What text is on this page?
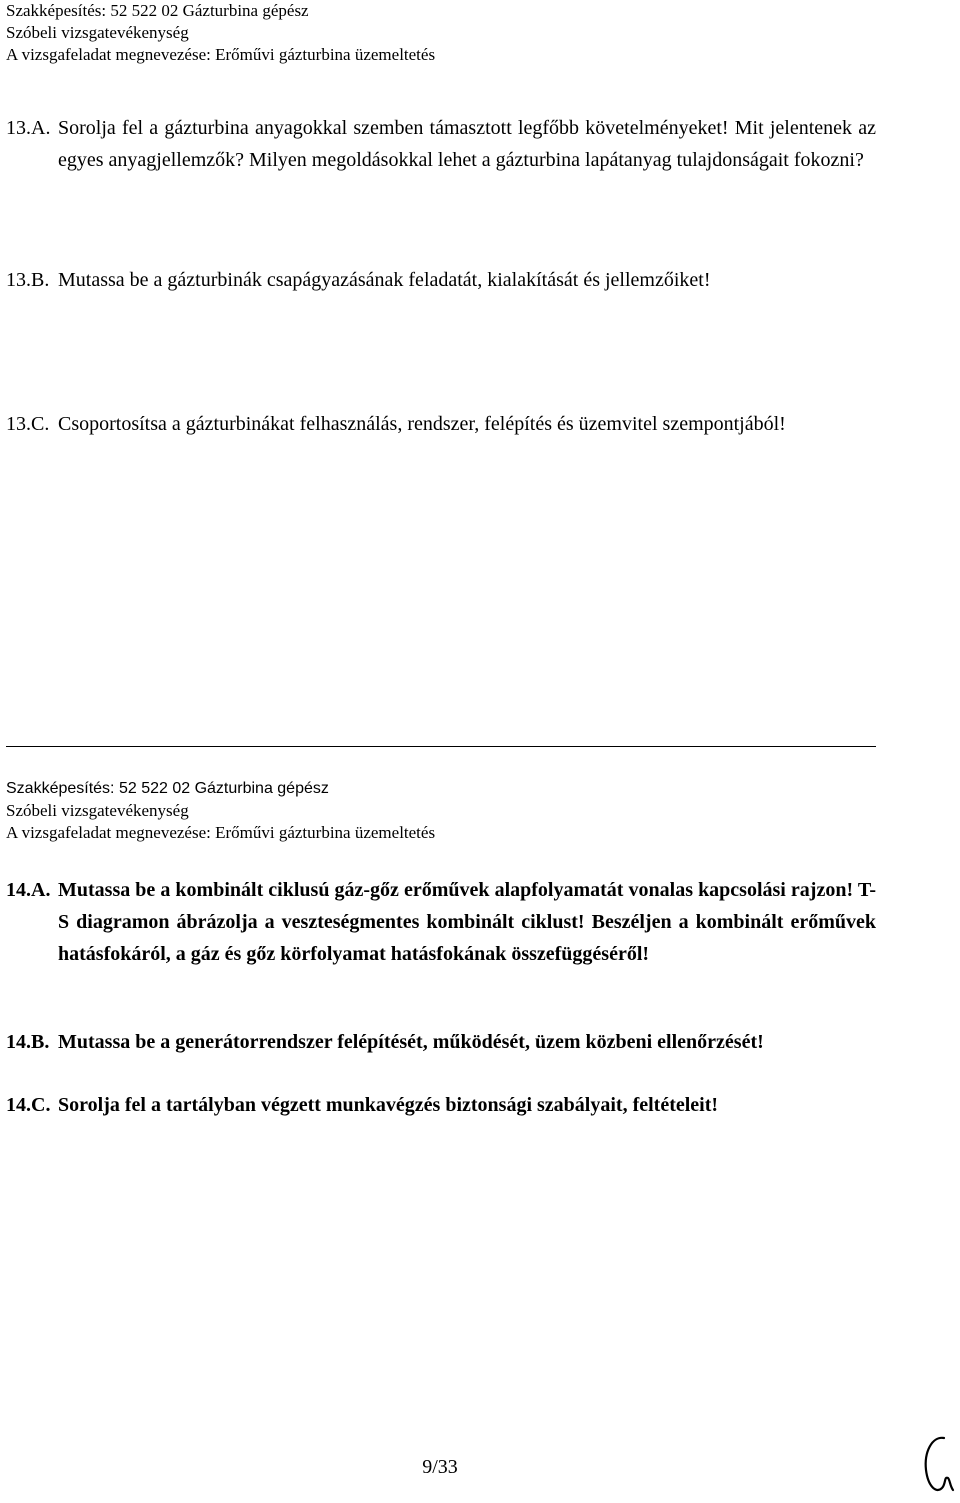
Szakképesítés: 52 522 02 Gázturbina gépész
Szóbeli vizsgatevékenység
A vizsgafeladat megnevezése: Erőművi gázturbina üzemeltetés
13.A. Sorolja fel a gázturbina anyagokkal szemben támasztott legfőbb követelményeket! Mit jelentenek az egyes anyagjellemzők? Milyen megoldásokkal lehet a gázturbina lapátanyag tulajdonságait fokozni?
13.B. Mutassa be a gázturbinák csapágyazásának feladatát, kialakítását és jellemzőiket!
13.C. Csoportosítsa a gázturbinákat felhasználás, rendszer, felépítés és üzemvitel szempontjából!
Szakképesítés: 52 522 02 Gázturbina gépész
Szóbeli vizsgatevékenység
A vizsgafeladat megnevezése: Erőművi gázturbina üzemeltetés
14.A. Mutassa be a kombinált ciklusú gáz-gőz erőművek alapfolyamatát vonalas kapcsolási rajzon! T-S diagramon ábrázolja a veszteségmentes kombinált ciklust! Beszéljen a kombinált erőművek hatásfokáról, a gáz és gőz körfolyamat hatásfokának összefüggéséről!
14.B. Mutassa be a generátorrendszer felépítését, működését, üzem közbeni ellenőrzését!
14.C. Sorolja fel a tartályban végzett munkavégzés biztonsági szabályait, feltételeit!
9/33
